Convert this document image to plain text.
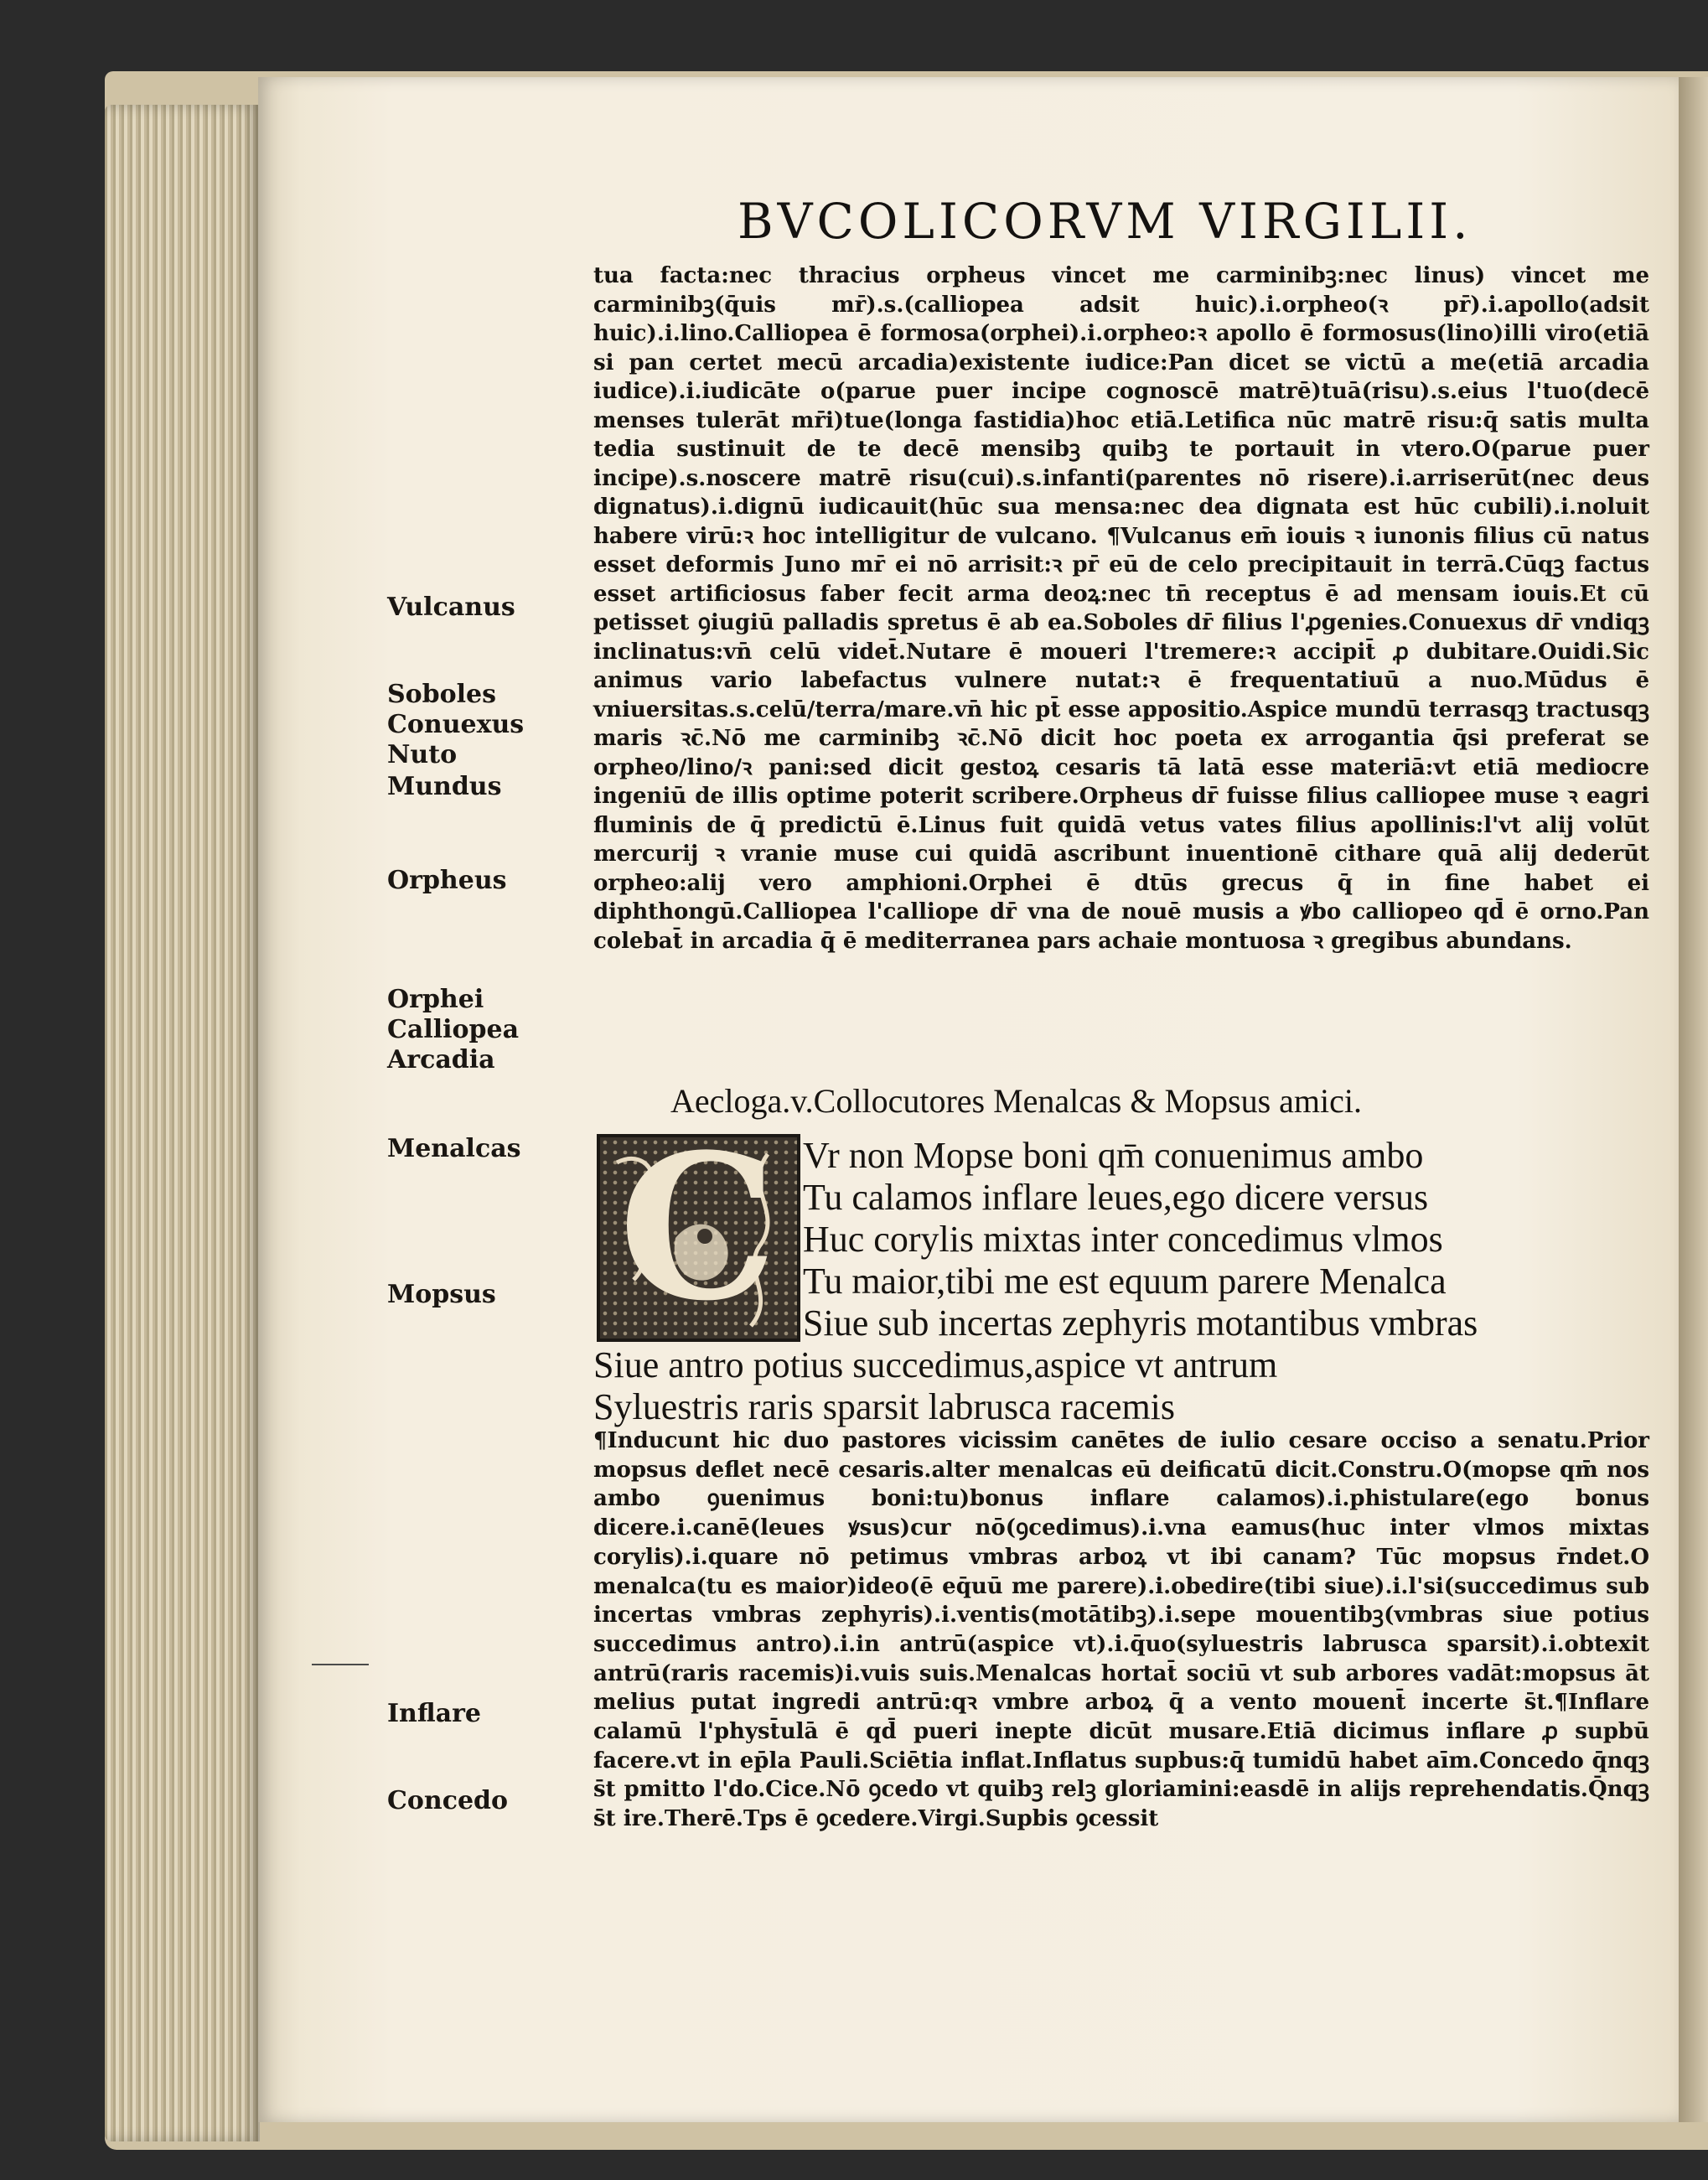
BVCOLICORVM VIRGILII.

tua facta:nec thracius orpheus vincet me carminibꝫ:nec linus) vincet me carminibꝫ(q̄uis mr̄).s.(calliopea adsit huic).i.orpheo(ꝛ pr̄).i.apollo(adsit huic).i.lino.Calliopea ē formosa(orphei).i.orpheo:ꝛ apollo ē formosus(lino)illi viro(etiā si pan certet mecū arcadia)existente iudice:Pan dicet se victū a me(etiā arcadia iudice).i.iudicāte o(parue puer incipe cognoscē matrē)tuā(risu).s.eius l'tuo(decē menses tulerāt mr̄i)tue(longa fastidia)hoc etiā.Letifica nūc matrē risu:q̄ satis multa tedia sustinuit de te decē mensibꝫ quibꝫ te portauit in vtero.O(parue puer incipe).s.noscere matrē risu(cui).s.infanti(parentes nō risere).i.arriserūt(nec deus dignatus).i.dignū iudicauit(hūc sua mensa:nec dea dignata est hūc cubili).i.noluit habere virū:ꝛ hoc intelligitur de vulcano. ¶Vulcanus em̄ iouis ꝛ iunonis filius cū natus esset deformis Juno mr̄ ei nō arrisit:ꝛ pr̄ eū de celo precipitauit in terrā.Cūqꝫ factus esset artificiosus faber fecit arma deoꝝ:nec tn̄ receptus ē ad mensam iouis.Et cū petisset ꝯiugiū palladis spretus ē ab ea.Soboles dr̄ filius l'ꝓgenies.Conuexus dr̄ vndiqꝫ inclinatus:vn̄ celū videt̄.Nutare ē moueri l'tremere:ꝛ accipit̄ ꝓ dubitare.Ouidi.Sic animus vario labefactus vulnere nutat:ꝛ ē frequentatiuū a nuo.Mūdus ē vniuersitas.s.celū/terra/mare.vn̄ hic pt̄ esse appositio.Aspice mundū terrasqꝫ tractusqꝫ maris ꝛc̄.Nō me carminibꝫ ꝛc̄.Nō dicit hoc poeta ex arrogantia q̄si preferat se orpheo/lino/ꝛ pani:sed dicit gestoꝝ cesaris tā latā esse materiā:vt etiā mediocre ingeniū de illis optime poterit scribere.Orpheus dr̄ fuisse filius calliopee muse ꝛ eagri fluminis de q̄ predictū ē.Linus fuit quidā vetus vates filius apollinis:l'vt alij volūt mercurij ꝛ vranie muse cui quidā ascribunt inuentionē cithare quā alij dederūt orpheo:alij vero amphioni.Orphei ē dtūs grecus q̄ in fine habet ei diphthongū.Calliopea l'calliope dr̄ vna de nouē musis a ꝟbo calliopeo qd̄ ē orno.Pan colebat̄ in arcadia q̄ ē mediterranea pars achaie montuosa ꝛ gregibus abundans.

Aecloga.v.Collocutores Menalcas & Mopsus amici.

C Vr non Mopse boni qm̄ conuenimus ambo

Tu calamos inflare leues,ego dicere versus

Huc corylis mixtas inter concedimus vlmos

Tu maior,tibi me est equum parere Menalca

Siue sub incertas zephyris motantibus vmbras

Siue antro potius succedimus,aspice vt antrum

Syluestris raris sparsit labrusca racemis

¶Inducunt hic duo pastores vicissim canētes de iulio cesare occiso a senatu.Prior mopsus deflet necē cesaris.alter menalcas eū deificatū dicit.Constru.O(mopse qm̄ nos ambo ꝯuenimus boni:tu)bonus inflare calamos).i.phistulare(ego bonus dicere.i.canē(leues ꝟsus)cur nō(ꝯcedimus).i.vna eamus(huc inter vlmos mixtas corylis).i.quare nō petimus vmbras arboꝝ vt ibi canam? Tūc mopsus r̄ndet.O menalca(tu es maior)ideo(ē eq̄uū me parere).i.obedire(tibi siue).i.l'si(succedimus sub incertas vmbras zephyris).i.ventis(motātibꝫ).i.sepe mouentibꝫ(vmbras siue potius succedimus antro).i.in antrū(aspice vt).i.q̄uo(syluestris labrusca sparsit).i.obtexit antrū(raris racemis)i.vuis suis.Menalcas hortat̄ sociū vt sub arbores vadāt:mopsus āt melius putat ingredi antrū:qꝛ vmbre arboꝝ q̄ a vento mouent̄ incerte s̄t.¶Inflare calamū l'physt̄ulā ē qd̄ pueri inepte dicūt musare.Etiā dicimus inflare ꝓ supbū facere.vt in ep̄la Pauli.Sciētia inflat.Inflatus supbus:q̄ tumidū habet aīm.Concedo q̄nqꝫ s̄t pmitto l'do.Cice.Nō ꝯcedo vt quibꝫ relꝫ gloriamini:easdē in alijs reprehendatis.Q̄nqꝫ s̄t ire.Therē.Tps ē ꝯcedere.Virgi.Supbis ꝯcessit

Vulcanus

Soboles

Conuexus

Nuto

Mundus

Orpheus

Orphei

Calliopea

Arcadia

Menalcas

Mopsus

Inflare

Concedo
